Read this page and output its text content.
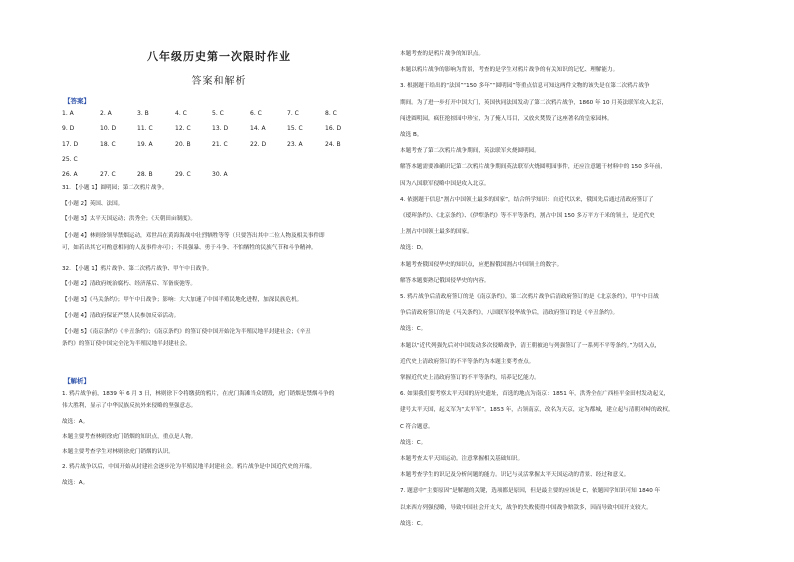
八年级历史第一次限时作业
答案和解析
【答案】
1. A	2. A	3. B	4. C	5. C	6. C	7. C	8. C
9. D	10. D	11. C	12. C	13. D	14. A	15. C	16. D
17. D	18. C	19. A	20. B	21. C	22. D	23. A	24. B
25. C
26. A	27. C	28. B	29. C	30. A
31. 【小题 1】圆明园；第二次鸦片战争。
【小题 2】英国、法国。
【小题 3】太平天国运动；洪秀全；《天朝田亩制度》。
【小题 4】林则徐领导禁烟运动，邓世昌在黄海海战中壮烈牺牲等等（只要答出其中二位人物及相关事件即
可，如若出其它可酌意相同的人及事件亦可）；不畏强暴、勇于斗争、不怕牺牲的民族气节和斗争精神。
32. 【小题 1】鸦片战争、第二次鸦片战争、甲午中日战争。
【小题 2】清政府统治腐朽、经济落后、军备废弛等。
【小题 3】《马关条约》；甲午中日战争；影响：大大加速了中国半殖民地化进程，加深民族危机。
【小题 4】清政府保证严禁人民参加反帝活动。
【小题 5】《南京条约》《辛丑条约》；《南京条约》的签订使中国开始沦为半殖民地半封建社会；《辛丑
条约》的签订使中国完全沦为半殖民地半封建社会。
1. 鸦片战争前，1839 年 6 月 3 日，林则徐下令将缴获的鸦片，在虎门海滩当众销毁，虎门销烟是禁烟斗争的
伟大胜利，显示了中华民族反抗外来侵略的坚强意志。
故选：A。
本题主要考查林则徐虎门销烟的知识点，重点是人物。
本题主要考查学生对林则徐虎门销烟的认识。
2. 鸦片战争以后，中国开始从封建社会逐步沦为半殖民地半封建社会。鸦片战争是中国近代史的开端。
故选：A。
【解析】
本题考查的是鸦片战争的知识点。
本题以鸦片战争的影响为背景，考查的是学生对鸦片战争的有关知识的记忆、理解能力。
3. 根据题干给出的“法国”“150 多年”“圆明园”等重点信息可知这两件文物的该失是在第二次鸦片战争
期间。为了进一步打开中国大门，英国伙同法国发动了第二次鸦片战争，1860 年 10 月英法联军攻入北京，
闯进圆明园，疯狂抢掠园中珍宝，为了掩人耳目，又放火焚毁了这座著名的皇家园林。
故选 B。
本题考查了第二次鸦片战争期间，英法联军火烧圆明园。
解答本题需要准确识记第二次鸦片战争期间英法联军火烧圆明园事件，还应注意题干材料中的 150 多年前，
因为八国联军侵略中国是攻入北京。
4. 依据题干信息“割占中国领土最多的国家”，结合所学知识：自近代以来，俄国先后通过清政府签订了
《瑷珲条约》、《北京条约》、《伊犁条约》等不平等条约，割占中国 150 多万平方千米的领土，是近代史
上割占中国领土最多的国家。
故选：D。
本题考查俄国侵华史的知识点，应把握俄国割占中国领土的数字。
解答本题要熟记俄国侵华史的内容。
5. 鸦片战争后清政府签订的是《南京条约》，第二次鸦片战争后清政府签订的是《北京条约》，甲午中日战
争后清政府签订的是《马关条约》，八国联军侵华战争后，清政府签订的是《辛丑条约》。
故选：C。
本题以“近代列强先后对中国发动多次侵略战争，清王朝被迫与列强签订了一系列不平等条约。”为切入点，
近代史上清政府签订的不平等条约为本题主要考查点。
掌握近代史上清政府签订的不平等条约，培养记忆能力。
6. 如果我们要考察太平天国的历史遗址，首选的地点为南京：1851 年，洪秀全在广西桂平金田村发动起义，
建号太平天国，起义军为“太平军”。1853 年，占领南京，改名为天京，定为都城，建立起与清朝对峙的政权。
C 符合题意。
故选：C。
本题考查太平天国运动。注意掌握相关基础知识。
本题考查学生的识记及分析问题的能力。识记与灵活掌握太平天国运动的背景、经过和意义。
7. 题意中“主要原因”是解题的关键，选项都是原因，但是最主要的应该是 C，依题因学知识可知 1840 年
以来西方列强侵略，导致中国社会开支大，战争的失败使得中国战争赔款多，因而导致中国开支较大。
故选：C。
